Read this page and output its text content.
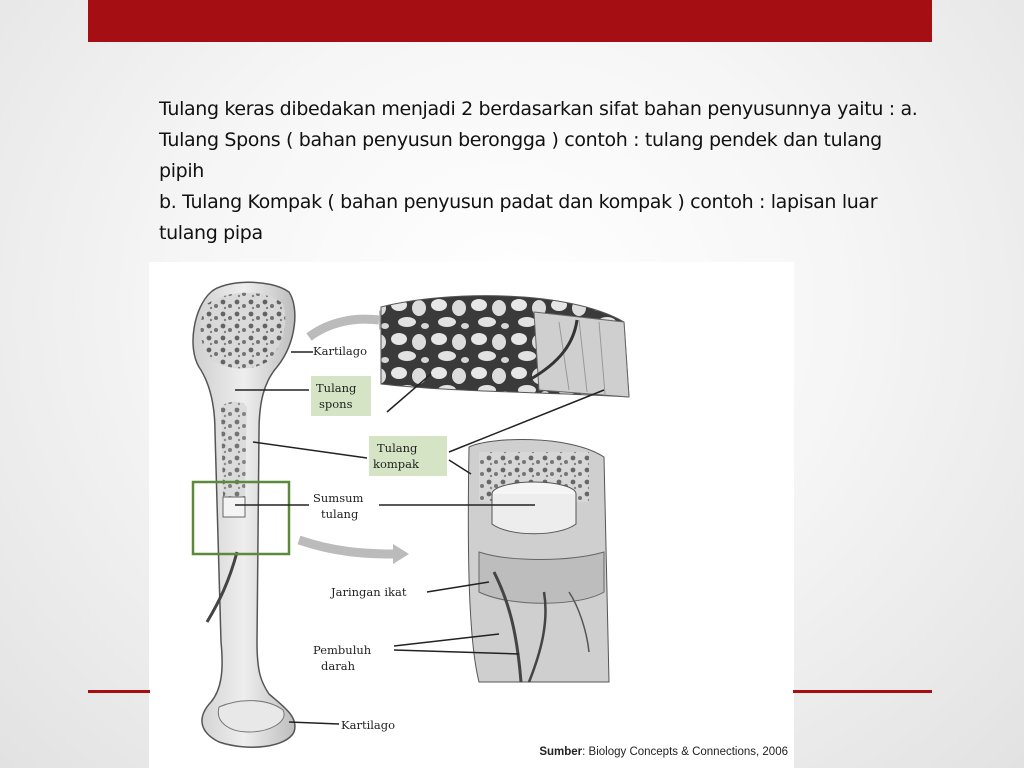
Tulang keras dibedakan menjadi 2 berdasarkan sifat bahan penyusunnya yaitu : a. Tulang Spons ( bahan penyusun berongga ) contoh : tulang pendek dan tulang pipih

b. Tulang Kompak ( bahan penyusun padat dan kompak ) contoh : lapisan luar tulang pipa

Kartilago
Tulang
spons
Tulang
kompak
Sumsum
tulang
Jaringan ikat
Pembuluh
darah
Kartilago
Sumber: Biology Concepts & Connections, 2006
